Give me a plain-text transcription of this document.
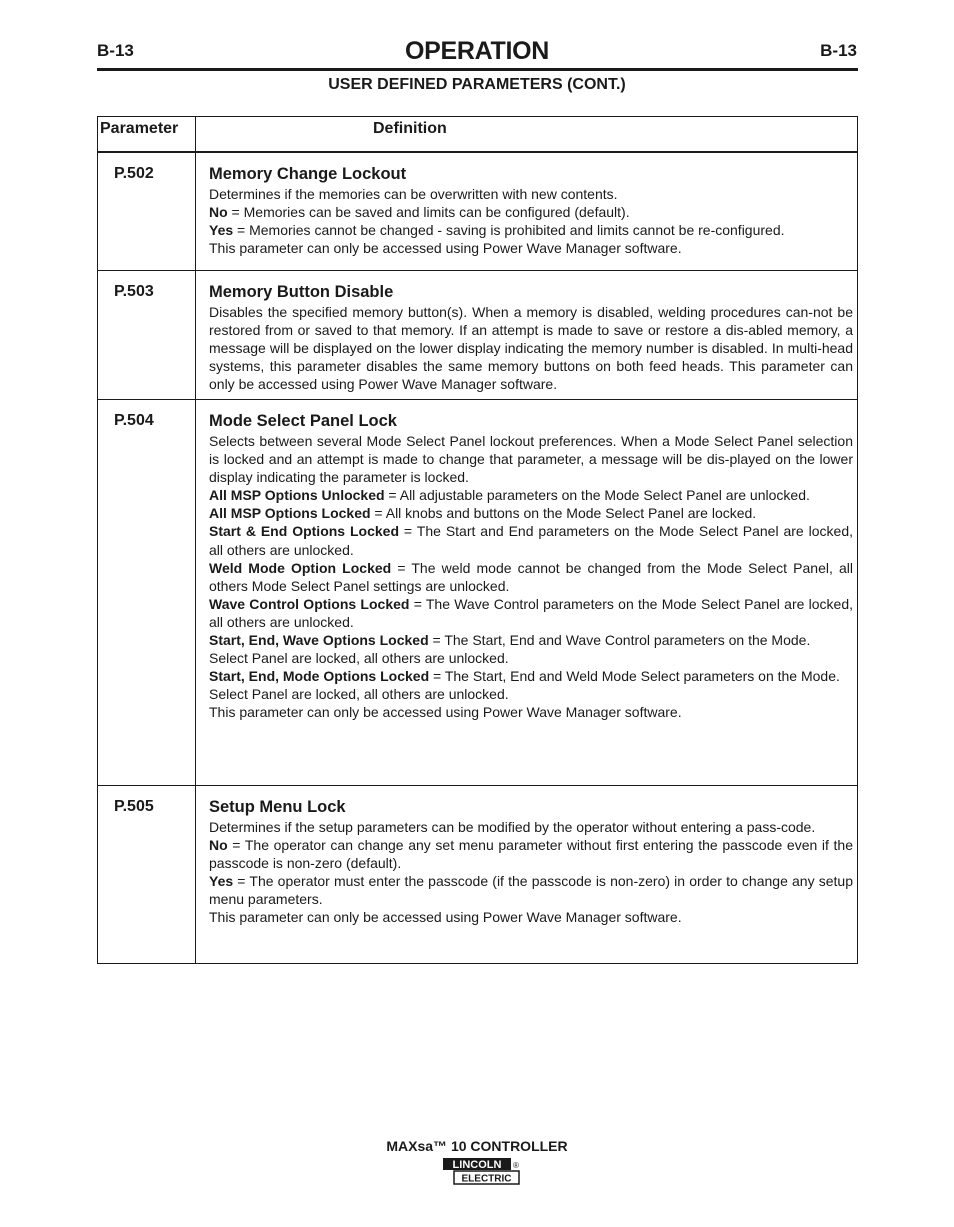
B-13	OPERATION	B-13
USER DEFINED PARAMETERS (CONT.)
Parameter	Definition
P.502	Memory Change Lockout

Determines if the memories can be overwritten with new contents.

No = Memories can be saved and limits can be configured (default).

Yes = Memories cannot be changed - saving is prohibited and limits cannot be re-configured.

This parameter can only be accessed using Power Wave Manager software.

P.503	Memory Button Disable

Disables the specified memory button(s). When a memory is disabled, welding procedures can-not be restored from or saved to that memory. If an attempt is made to save or restore a dis-abled memory, a message will be displayed on the lower display indicating the memory number is disabled. In multi-head systems, this parameter disables the same memory buttons on both feed heads. This parameter can only be accessed using Power Wave Manager software.

P.504	Mode Select Panel Lock

Selects between several Mode Select Panel lockout preferences. When a Mode Select Panel selection is locked and an attempt is made to change that parameter, a message will be dis-played on the lower display indicating the parameter is locked.

All MSP Options Unlocked = All adjustable parameters on the Mode Select Panel are unlocked.

All MSP Options Locked = All knobs and buttons on the Mode Select Panel are locked.

Start & End Options Locked = The Start and End parameters on the Mode Select Panel are locked, all others are unlocked.

Weld Mode Option Locked = The weld mode cannot be changed from the Mode Select Panel, all others Mode Select Panel settings are unlocked.

Wave Control Options Locked = The Wave Control parameters on the Mode Select Panel are locked, all others are unlocked.

Start, End, Wave Options Locked = The Start, End and Wave Control parameters on the Mode.

Select Panel are locked, all others are unlocked.

Start, End, Mode Options Locked = The Start, End and Weld Mode Select parameters on the Mode.

Select Panel are locked, all others are unlocked.

This parameter can only be accessed using Power Wave Manager software.

P.505	Setup Menu Lock

Determines if the setup parameters can be modified by the operator without entering a pass-code.

No = The operator can change any set menu parameter without first entering the passcode even if the passcode is non-zero (default).

Yes = The operator must enter the passcode (if the passcode is non-zero) in order to change any setup menu parameters.

This parameter can only be accessed using Power Wave Manager software.

MAXsa™ 10 CONTROLLER
LINCOLN ®
ELECTRIC
